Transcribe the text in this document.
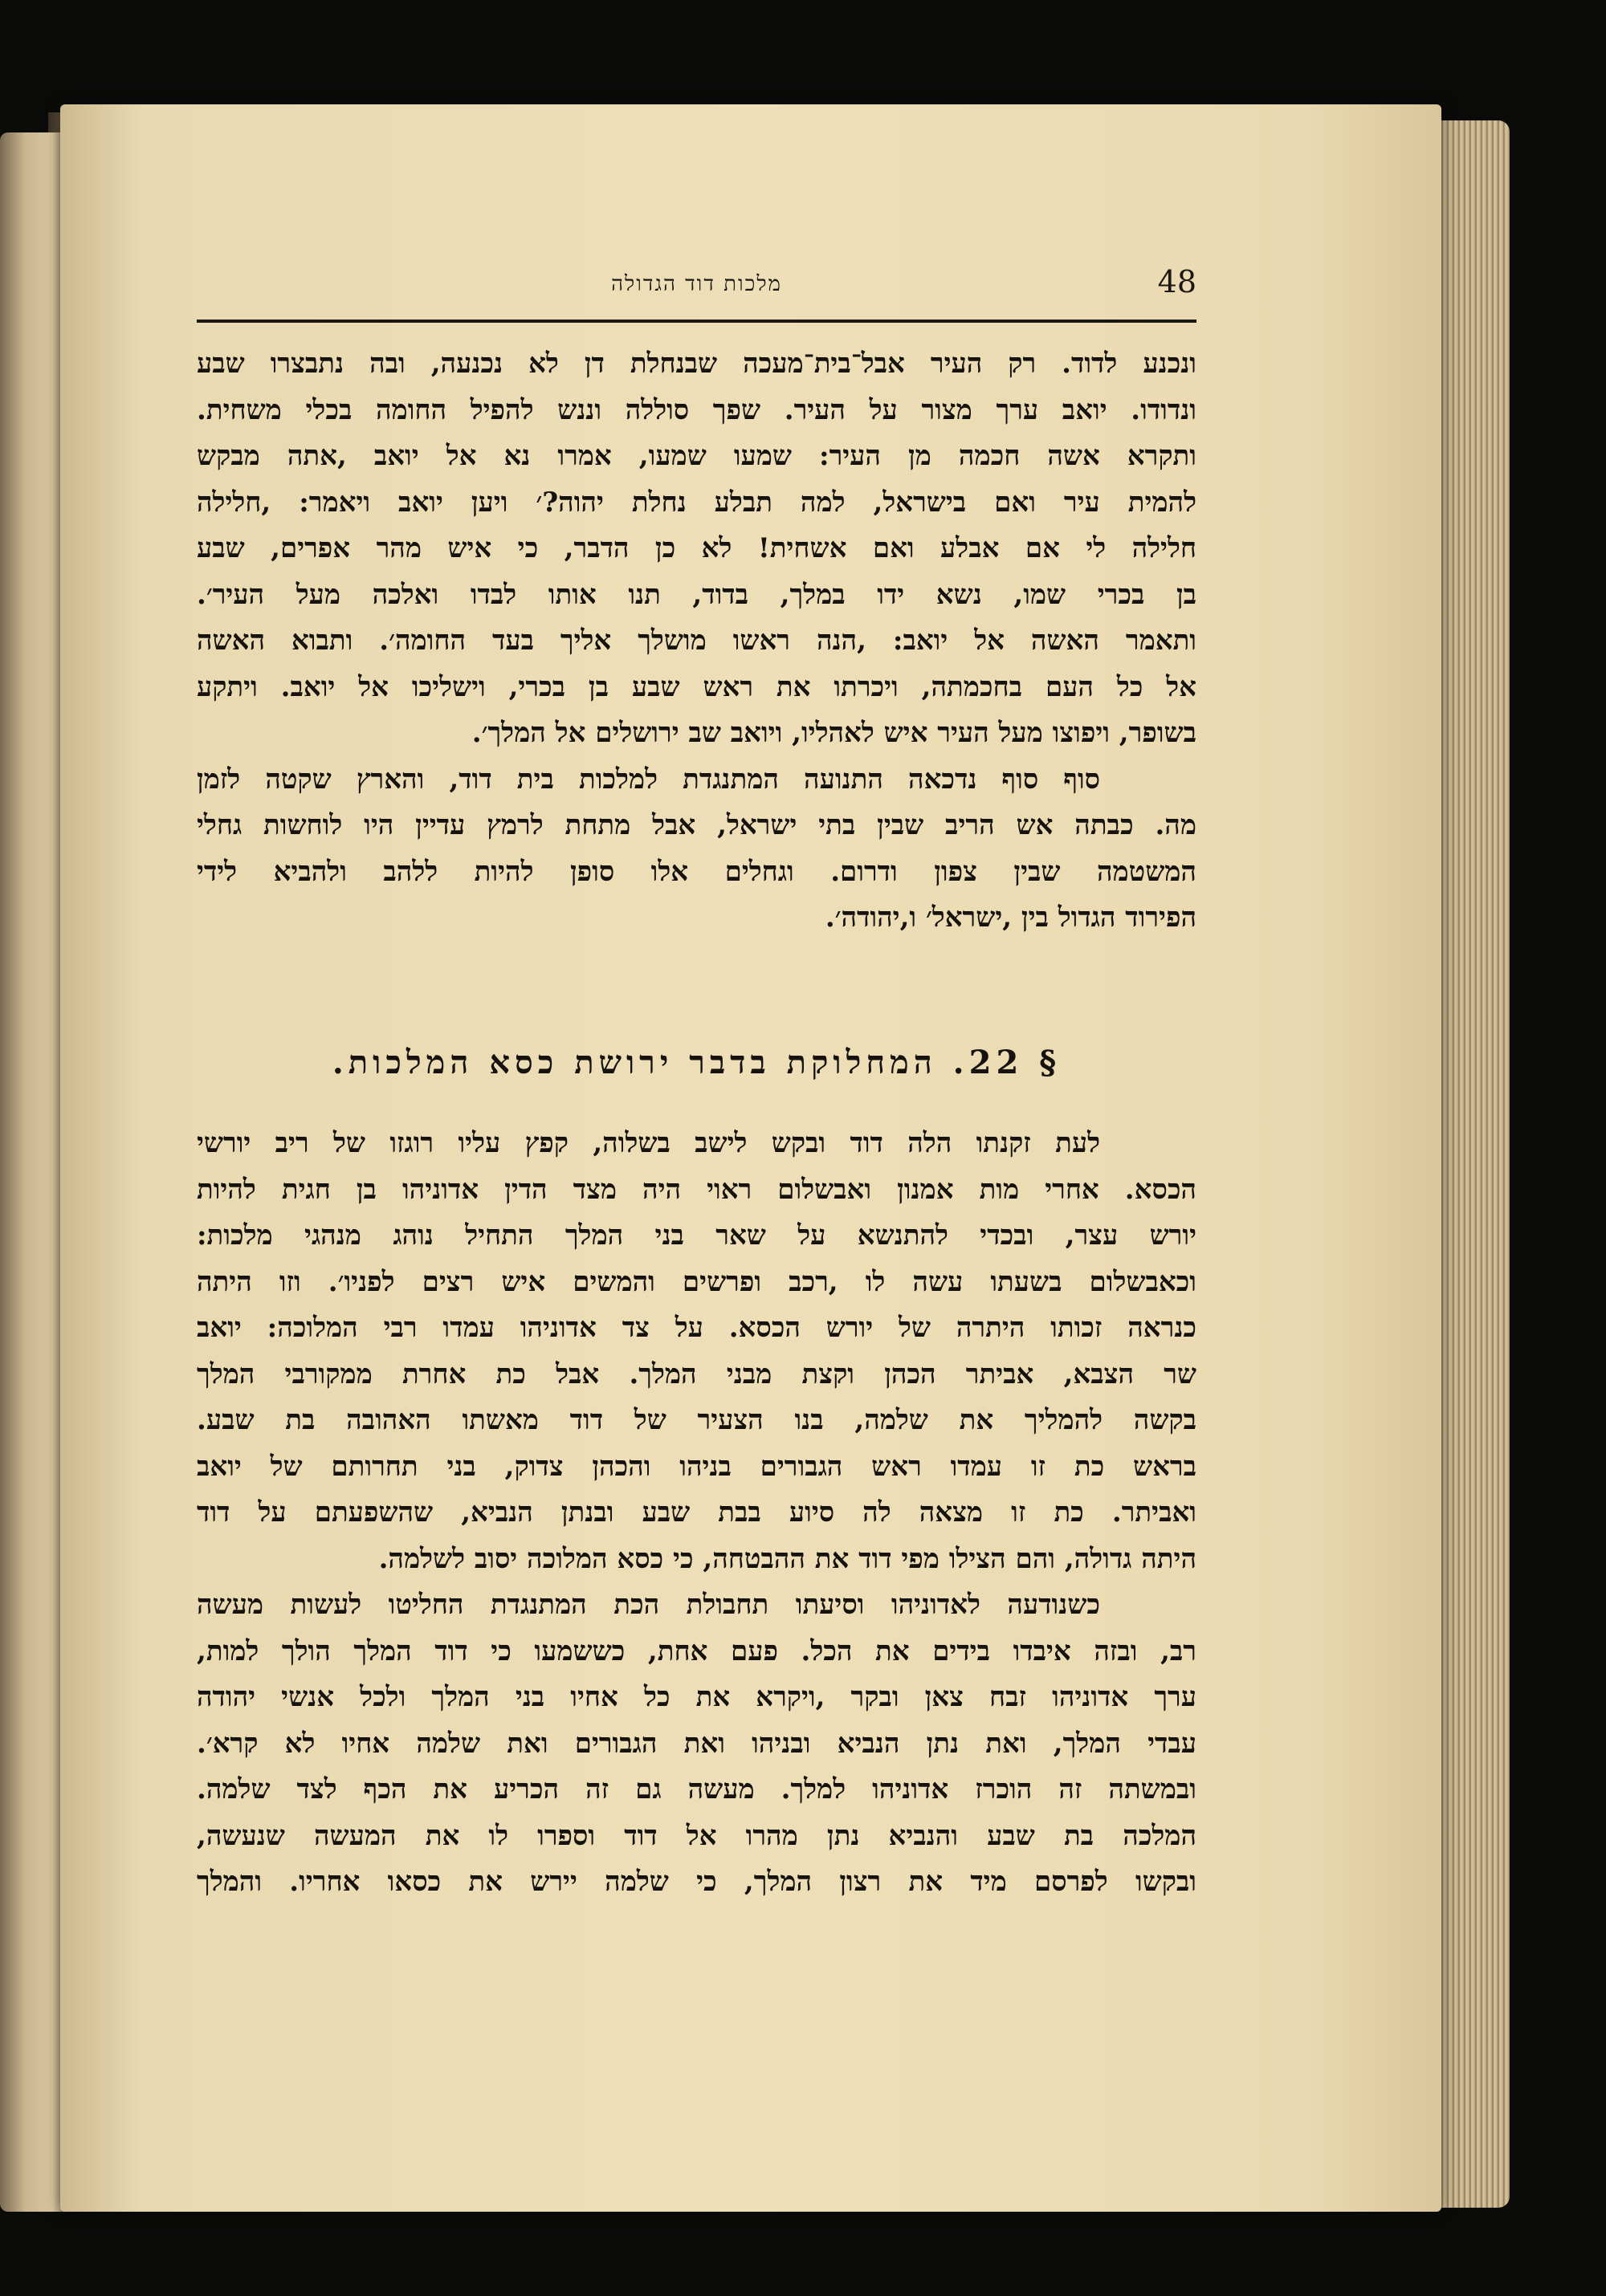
48
מלכות דוד הגדולה
ונכנע לדוד. רק העיר אבל־בית־מעכה שבנחלת דן לא נכנעה, ובה נתבצרו שבע
ונדודו. יואב ערך מצור על העיר. שפך סוללה וננש להפיל החומה בכלי משחית.
ותקרא אשה חכמה מן העיר: שמעו שמעו, אמרו נא אל יואב ,אתה מבקש
להמית עיר ואם בישראל, למה תבלע נחלת יהוה?׳ ויען יואב ויאמר: ,חלילה
חלילה לי אם אבלע ואם אשחית! לא כן הדבר, כי איש מהר אפרים, שבע
בן בכרי שמו, נשא ידו במלך, בדוד, תנו אותו לבדו ואלכה מעל העיר׳.
ותאמר האשה אל יואב: ,הנה ראשו מושלך אליך בעד החומה׳. ותבוא האשה
אל כל העם בחכמתה, ויכרתו את ראש שבע בן בכרי, וישליכו אל יואב. ויתקע
בשופר, ויפוצו מעל העיר איש לאהליו, ויואב שב ירושלים אל המלך׳.
סוף סוף נדכאה התנועה המתנגדת למלכות בית דוד, והארץ שקטה לזמן
מה. כבתה אש הריב שבין בתי ישראל, אבל מתחת לרמץ עדיין היו לוחשות גחלי
המשטמה שבין צפון ודרום. וגחלים אלו סופן להיות ללהב ולהביא לידי
הפירוד הגדול בין ,ישראל׳ ו,יהודה׳.
§ 22. המחלוקת בדבר ירושת כסא המלכות.
לעת זקנתו הלה דוד ובקש לישב בשלוה, קפץ עליו רוגזו של ריב יורשי
הכסא. אחרי מות אמנון ואבשלום ראוי היה מצד הדין אדוניהו בן חגית להיות
יורש עצר, ובכדי להתנשא על שאר בני המלך התחיל נוהג מנהגי מלכות:
וכאבשלום בשעתו עשה לו ,רכב ופרשים והמשים איש רצים לפניו׳. וזו היתה
כנראה זכותו היתרה של יורש הכסא. על צד אדוניהו עמדו רבי המלוכה: יואב
שר הצבא, אביתר הכהן וקצת מבני המלך. אבל כת אחרת ממקורבי המלך
בקשה להמליך את שלמה, בנו הצעיר של דוד מאשתו האהובה בת שבע.
בראש כת זו עמדו ראש הגבורים בניהו והכהן צדוק, בני תחרותם של יואב
ואביתר. כת זו מצאה לה סיוע בבת שבע ובנתן הנביא, שהשפעתם על דוד
היתה גדולה, והם הצילו מפי דוד את ההבטחה, כי כסא המלוכה יסוב לשלמה.
כשנודעה לאדוניהו וסיעתו תחבולת הכת המתנגדת החליטו לעשות מעשה
רב, ובזה איבדו בידים את הכל. פעם אחת, כששמעו כי דוד המלך הולך למות,
ערך אדוניהו זבח צאן ובקר ,ויקרא את כל אחיו בני המלך ולכל אנשי יהודה
עבדי המלך, ואת נתן הנביא ובניהו ואת הגבורים ואת שלמה אחיו לא קרא׳.
ובמשתה זה הוכרז אדוניהו למלך. מעשה גם זה הכריע את הכף לצד שלמה.
המלכה בת שבע והנביא נתן מהרו אל דוד וספרו לו את המעשה שנעשה,
ובקשו לפרסם מיד את רצון המלך, כי שלמה יירש את כסאו אחריו. והמלך
